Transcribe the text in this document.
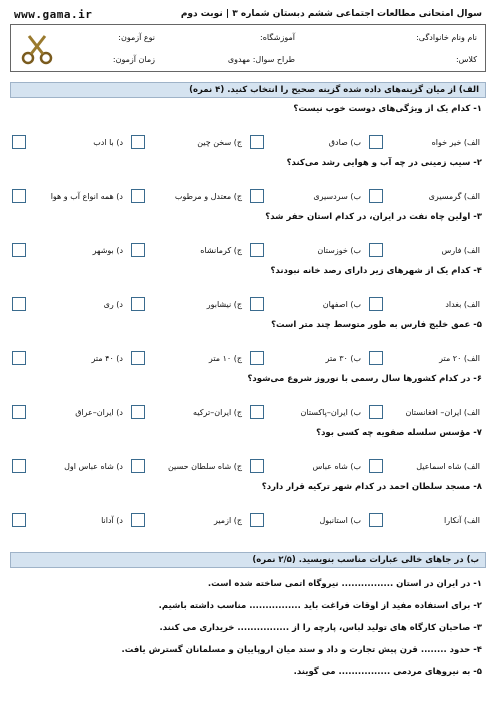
www.gama.ir	سوال امتحانی مطالعات اجتماعی ششم دبستان شماره ۳ | نوبت دوم
نام ونام خانوادگی:
آموزشگاه:
نوع آزمون:
کلاس:
طراح سوال: مهدوی
زمان آزمون:
الف) از میان گزینه‌های داده شده گزینه صحیح را انتخاب کنید. (۴ نمره)
۱- کدام یک از ویژگی‌های دوست خوب نیست؟
الف) خیر خواه
ب) صادق
ج) سخن چین
د) با ادب
۲- سیب زمینی در چه آب و هوایی رشد می‌کند؟
الف) گرمسیری
ب) سردسیری
ج) معتدل و مرطوب
د) همه انواع آب و هوا
۳- اولین چاه نفت در ایران، در کدام استان حفر شد؟
الف) فارس
ب) خوزستان
ج) کرمانشاه
د) بوشهر
۴- کدام یک از شهرهای زیر دارای رصد خانه نبودند؟
الف) بغداد
ب) اصفهان
ج) نیشابور
د) ری
۵- عمق خلیج فارس به طور متوسط چند متر است؟
الف) ۲۰ متر
ب) ۳۰ متر
ج) ۱۰ متر
د) ۴۰ متر
۶- در کدام کشورها سال رسمی با نوروز شروع می‌شود؟
الف) ایران– افغانستان
ب) ایران–پاکستان
ج) ایران–ترکیه
د) ایران–عراق
۷- مؤسس سلسله صفویه چه کسی بود؟
الف) شاه اسماعیل
ب) شاه عباس
ج) شاه سلطان حسین
د) شاه عباس اول
۸- مسجد سلطان احمد در کدام شهر ترکیه قرار دارد؟
الف) آنکارا
ب) استانبول
ج) ازمیر
د) آدانا
ب) در جاهای خالی عبارات مناسب بنویسید. (۲/۵ نمره)
۱- در ایران در استان ................ نیروگاه اتمی ساخته شده است.
۲- برای استفاده مفید از اوقات فراغت باید ................ مناسب داشته باشیم.
۳- صاحبان کارگاه های تولید لباس، پارچه را از ................ خریداری می کنند.
۴- حدود ........ قرن پیش تجارت و داد و ستد میان اروپاییان و مسلمانان گسترش یافت.
۵- به نیروهای مردمی ................ می گویند.
